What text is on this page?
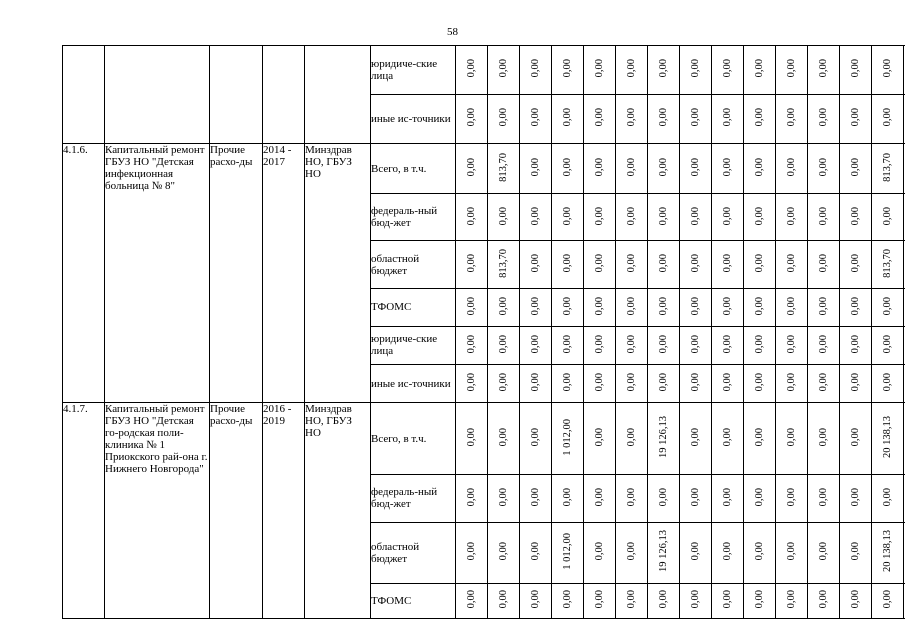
58
					юридиче-ские лица	0,00	0,00	0,00	0,00	0,00	0,00	0,00	0,00	0,00	0,00	0,00	0,00	0,00	0,00
					иные ис-точники	0,00	0,00	0,00	0,00	0,00	0,00	0,00	0,00	0,00	0,00	0,00	0,00	0,00	0,00
4.1.6.	Капитальный ремонт ГБУЗ НО "Детская инфекционная больница № 8"	Прочие расхо-ды	2014 - 2017	Минздрав НО, ГБУЗ НО	Всего, в т.ч.	0,00	813,70	0,00	0,00	0,00	0,00	0,00	0,00	0,00	0,00	0,00	0,00	0,00	813,70
					федераль-ный бюд-жет	0,00	0,00	0,00	0,00	0,00	0,00	0,00	0,00	0,00	0,00	0,00	0,00	0,00	0,00
					областной бюджет	0,00	813,70	0,00	0,00	0,00	0,00	0,00	0,00	0,00	0,00	0,00	0,00	0,00	813,70
					ТФОМС	0,00	0,00	0,00	0,00	0,00	0,00	0,00	0,00	0,00	0,00	0,00	0,00	0,00	0,00
					юридиче-ские лица	0,00	0,00	0,00	0,00	0,00	0,00	0,00	0,00	0,00	0,00	0,00	0,00	0,00	0,00
					иные ис-точники	0,00	0,00	0,00	0,00	0,00	0,00	0,00	0,00	0,00	0,00	0,00	0,00	0,00	0,00
4.1.7.	Капитальный ремонт ГБУЗ НО "Детская го-родская поли-клиника № 1 Приокского рай-она г. Нижнего Новгорода"	Прочие расхо-ды	2016 - 2019	Минздрав НО, ГБУЗ НО	Всего, в т.ч.	0,00	0,00	0,00	1 012,00	0,00	0,00	19 126,13	0,00	0,00	0,00	0,00	0,00	0,00	20 138,13
					федераль-ный бюд-жет	0,00	0,00	0,00	0,00	0,00	0,00	0,00	0,00	0,00	0,00	0,00	0,00	0,00	0,00
					областной бюджет	0,00	0,00	0,00	1 012,00	0,00	0,00	19 126,13	0,00	0,00	0,00	0,00	0,00	0,00	20 138,13
					ТФОМС	0,00	0,00	0,00	0,00	0,00	0,00	0,00	0,00	0,00	0,00	0,00	0,00	0,00	0,00
